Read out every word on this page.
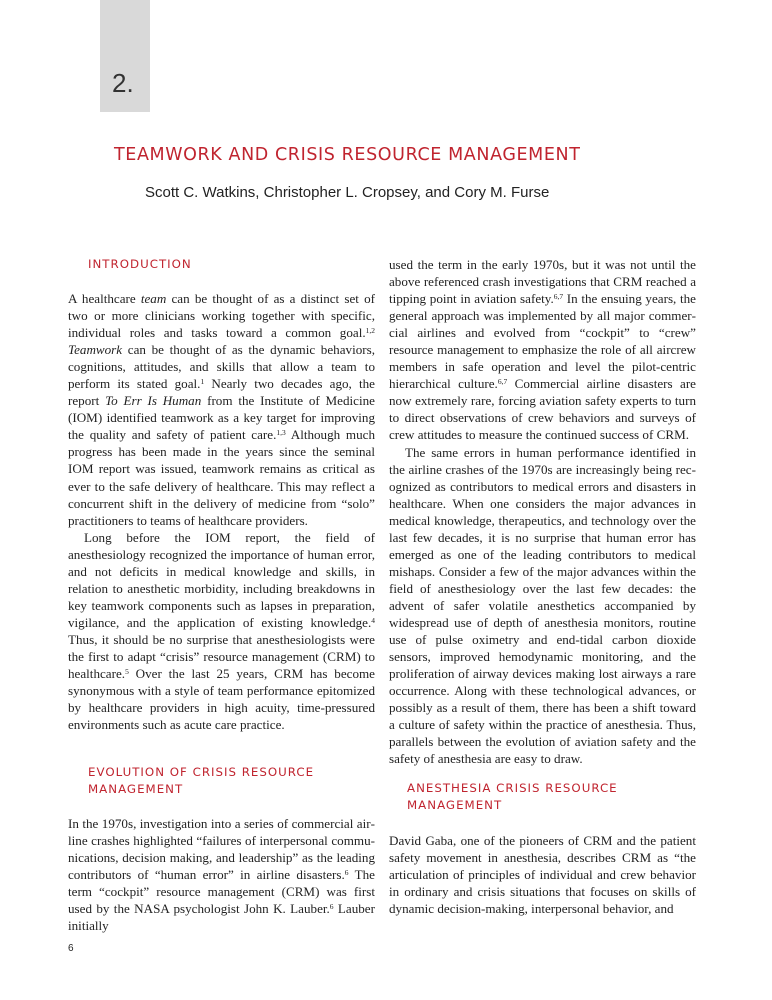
2.
TEAMWORK AND CRISIS RESOURCE MANAGEMENT
Scott C. Watkins, Christopher L. Cropsey, and Cory M. Furse
INTRODUCTION

A healthcare team can be thought of as a distinct set of two or more clinicians working together with specific, individual roles and tasks toward a common goal.$^{1,2}$ Teamwork can be thought of as the dynamic behaviors, cognitions, attitudes, and skills that allow a team to perform its stated goal.$^1$ Nearly two decades ago, the report To Err Is Human from the Institute of Medicine (IOM) identified teamwork as a key target for improving the quality and safety of patient care.$^{1,3}$ Although much progress has been made in the years since the seminal IOM report was issued, teamwork remains as critical as ever to the safe delivery of healthcare. This may reflect a concurrent shift in the delivery of medicine from “solo” practitioners to teams of healthcare providers.

Long before the IOM report, the field of anesthesiology recognized the importance of human error, and not deficits in medical knowledge and skills, in relation to anesthetic morbidity, including breakdowns in key teamwork components such as lapses in preparation, vigilance, and the application of existing knowledge.$^4$ Thus, it should be no surprise that anesthesiologists were the first to adapt “crisis” resource management (CRM) to healthcare.$^5$ Over the last 25 years, CRM has become synonymous with a style of team performance epitomized by healthcare providers in high acuity, time-pressured environments such as acute care practice.

EVOLUTION OF CRISIS RESOURCE
MANAGEMENT

In the 1970s, investigation into a series of commercial airline crashes highlighted “failures of interpersonal communications, decision making, and leadership” as the leading contributors of “human error” in airline disasters.$^6$ The term “cockpit” resource management (CRM) was first used by the NASA psychologist John K. Lauber.$^6$ Lauber initially

used the term in the early 1970s, but it was not until the above referenced crash investigations that CRM reached a tipping point in aviation safety.$^{6,7}$ In the ensuing years, the general approach was implemented by all major commercial airlines and evolved from “cockpit” to “crew” resource management to emphasize the role of all aircrew members in safe operation and level the pilot-centric hierarchical culture.$^{6,7}$ Commercial airline disasters are now extremely rare, forcing aviation safety experts to turn to direct observations of crew behaviors and surveys of crew attitudes to measure the continued success of CRM.

The same errors in human performance identified in the airline crashes of the 1970s are increasingly being recognized as contributors to medical errors and disasters in healthcare. When one considers the major advances in medical knowledge, therapeutics, and technology over the last few decades, it is no surprise that human error has emerged as one of the leading contributors to medical mishaps. Consider a few of the major advances within the field of anesthesiology over the last few decades: the advent of safer volatile anesthetics accompanied by widespread use of depth of anesthesia monitors, routine use of pulse oximetry and end-tidal carbon dioxide sensors, improved hemodynamic monitoring, and the proliferation of airway devices making lost airways a rare occurrence. Along with these technological advances, or possibly as a result of them, there has been a shift toward a culture of safety within the practice of anesthesia. Thus, parallels between the evolution of aviation safety and the safety of anesthesia are easy to draw.

ANESTHESIA CRISIS RESOURCE
MANAGEMENT

David Gaba, one of the pioneers of CRM and the patient safety movement in anesthesia, describes CRM as “the articulation of principles of individual and crew behavior in ordinary and crisis situations that focuses on skills of dynamic decision-making, interpersonal behavior, and

6
